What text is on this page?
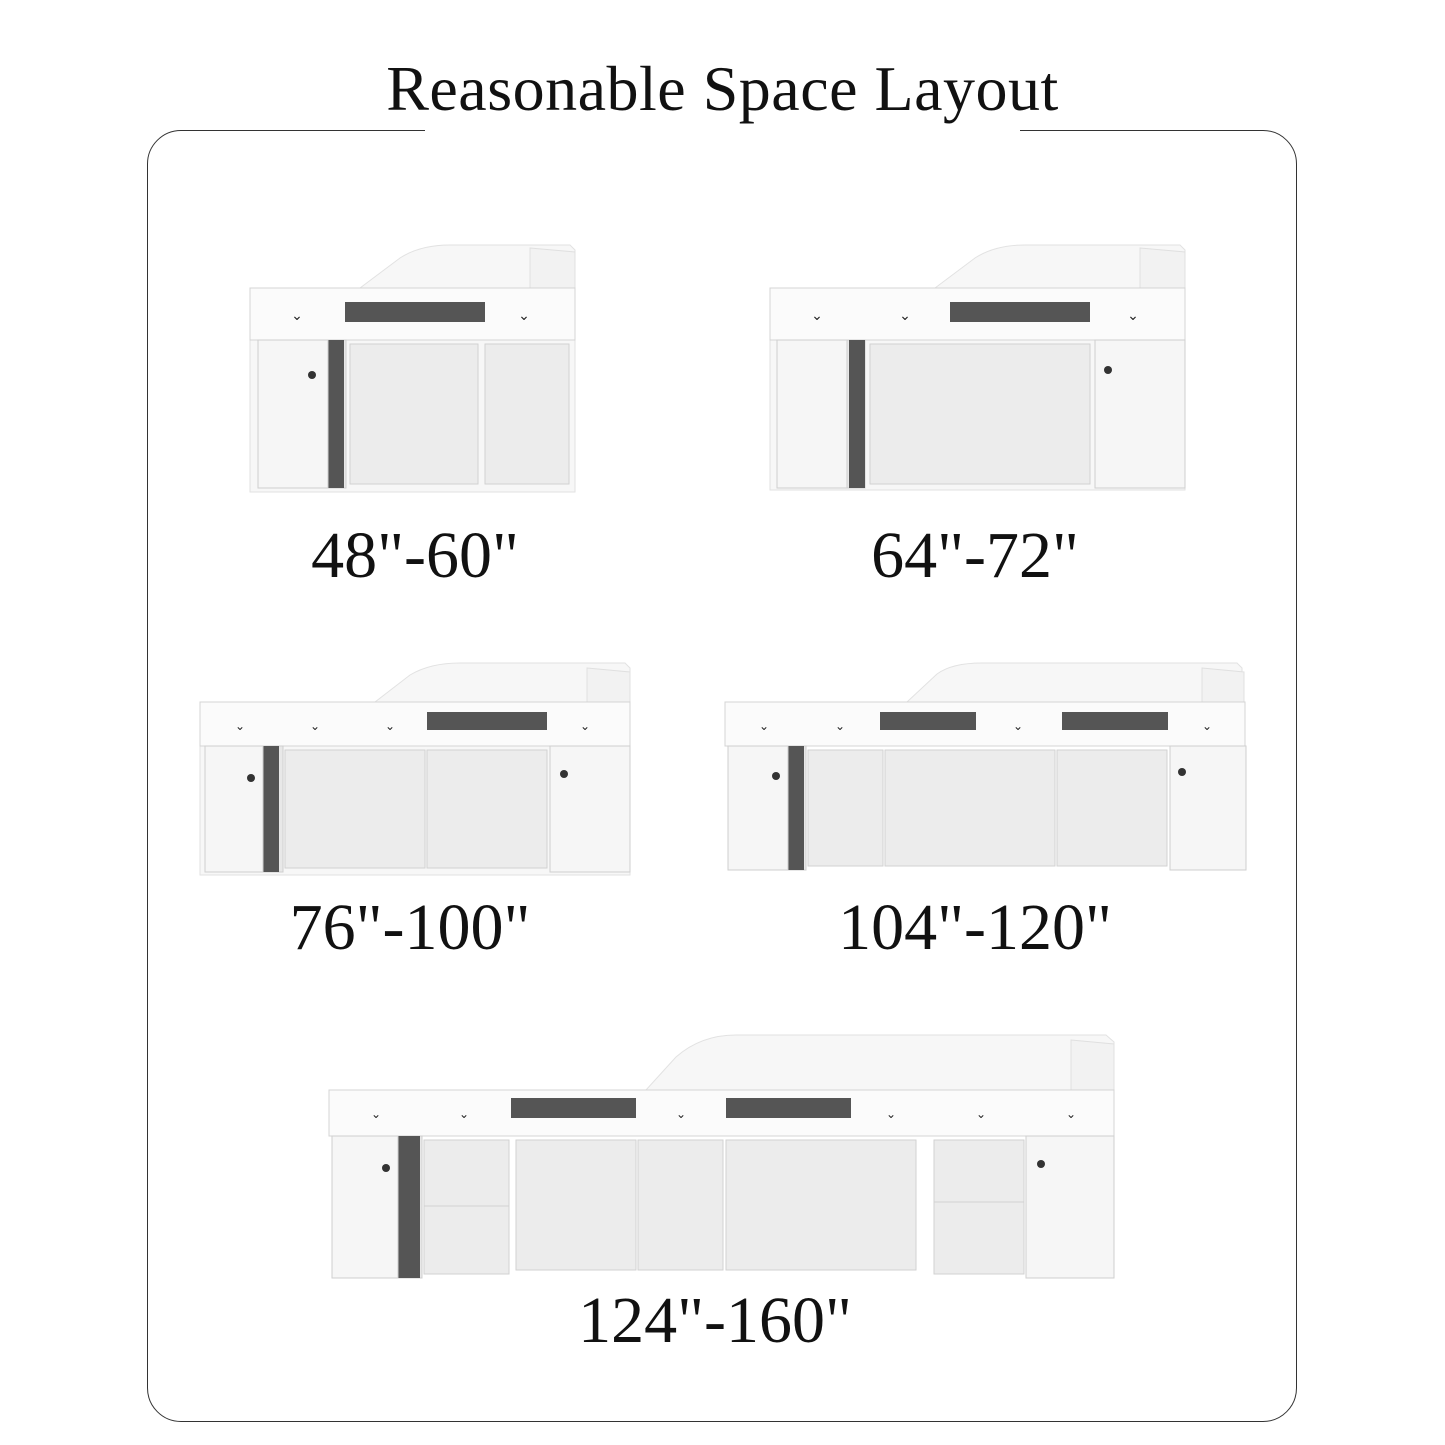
Reasonable Space Layout
⌄	⌄
48"-60"
⌄	⌄	⌄
64"-72"
⌄	⌄	⌄	⌄
76"-100"
⌄	⌄	⌄	⌄
104"-120"
⌄	⌄	⌄	⌄	⌄	⌄
124"-160"
